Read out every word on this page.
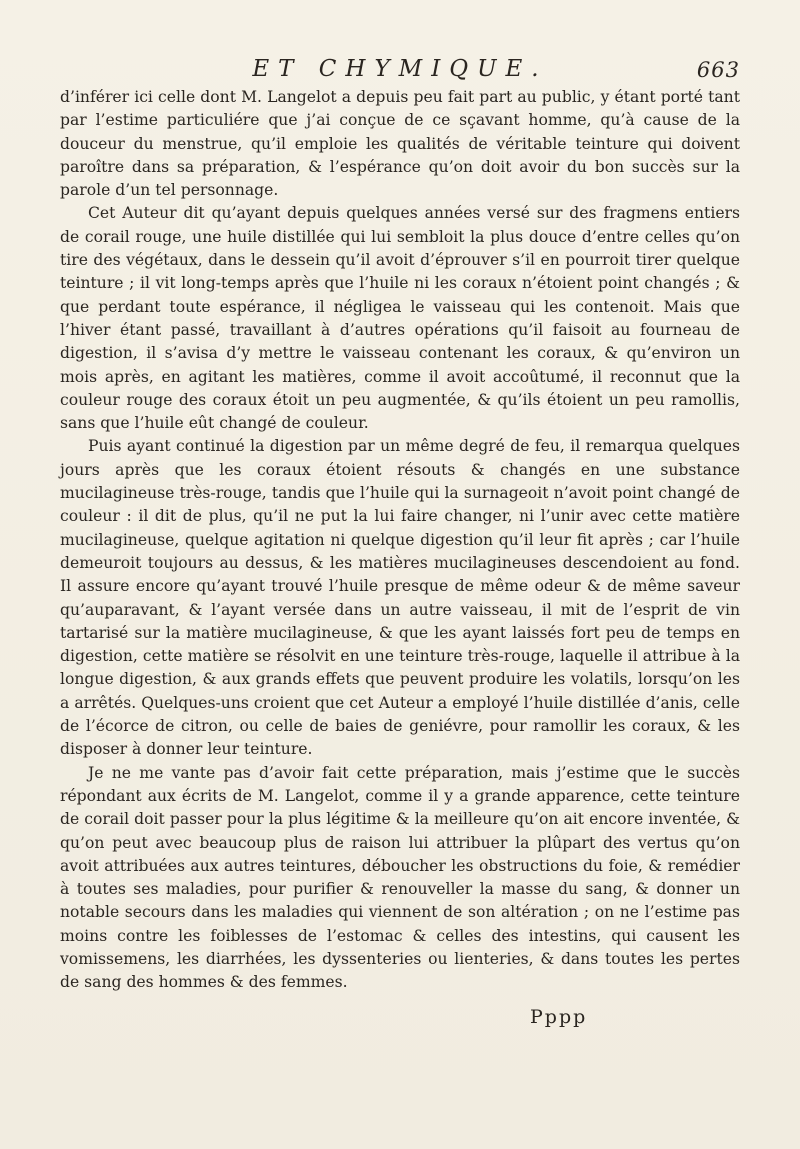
ET CHYMIQUE.	663

d’inférer ici celle dont M. Langelot a depuis peu fait part au public, y étant porté tant par l’estime particuliére que j’ai conçue de ce sçavant homme, qu’à cause de la douceur du menstrue, qu’il emploie les qualités de véritable teinture qui doivent paroître dans sa préparation, & l’espérance qu’on doit avoir du bon succès sur la parole d’un tel personnage.

Cet Auteur dit qu’ayant depuis quelques années versé sur des fragmens entiers de corail rouge, une huile distillée qui lui sembloit la plus douce d’entre celles qu’on tire des végétaux, dans le dessein qu’il avoit d’éprouver s’il en pourroit tirer quelque teinture ; il vit long-temps après que l’huile ni les coraux n’étoient point changés ; & que perdant toute espérance, il négligea le vaisseau qui les contenoit. Mais que l’hiver étant passé, travaillant à d’autres opérations qu’il faisoit au fourneau de digestion, il s’avisa d’y mettre le vaisseau contenant les coraux, & qu’environ un mois après, en agitant les matières, comme il avoit accoûtumé, il reconnut que la couleur rouge des coraux étoit un peu augmentée, & qu’ils étoient un peu ramollis, sans que l’huile eût changé de couleur.

Puis ayant continué la digestion par un même degré de feu, il remarqua quelques jours après que les coraux étoient résouts & changés en une substance mucilagineuse très-rouge, tandis que l’huile qui la surnageoit n’avoit point changé de couleur : il dit de plus, qu’il ne put la lui faire changer, ni l’unir avec cette matière mucilagineuse, quelque agitation ni quelque digestion qu’il leur fit après ; car l’huile demeuroit toujours au dessus, & les matières mucilagineuses descendoient au fond. Il assure encore qu’ayant trouvé l’huile presque de même odeur & de même saveur qu’auparavant, & l’ayant versée dans un autre vaisseau, il mit de l’esprit de vin tartarisé sur la matière mucilagineuse, & que les ayant laissés fort peu de temps en digestion, cette matière se résolvit en une teinture très-rouge, laquelle il attribue à la longue digestion, & aux grands effets que peuvent produire les volatils, lorsqu’on les a arrêtés. Quelques-uns croient que cet Auteur a employé l’huile distillée d’anis, celle de l’écorce de citron, ou celle de baies de geniévre, pour ramollir les coraux, & les disposer à donner leur teinture.

Je ne me vante pas d’avoir fait cette préparation, mais j’estime que le succès répondant aux écrits de M. Langelot, comme il y a grande apparence, cette teinture de corail doit passer pour la plus légitime & la meilleure qu’on ait encore inventée, & qu’on peut avec beaucoup plus de raison lui attribuer la plûpart des vertus qu’on avoit attribuées aux autres teintures, déboucher les obstructions du foie, & remédier à toutes ses maladies, pour purifier & renouveller la masse du sang, & donner un notable secours dans les maladies qui viennent de son altération ; on ne l’estime pas moins contre les foiblesses de l’estomac & celles des intestins, qui causent les vomissemens, les diarrhées, les dyssenteries ou lienteries, & dans toutes les pertes de sang des hommes & des femmes.

Pppp
